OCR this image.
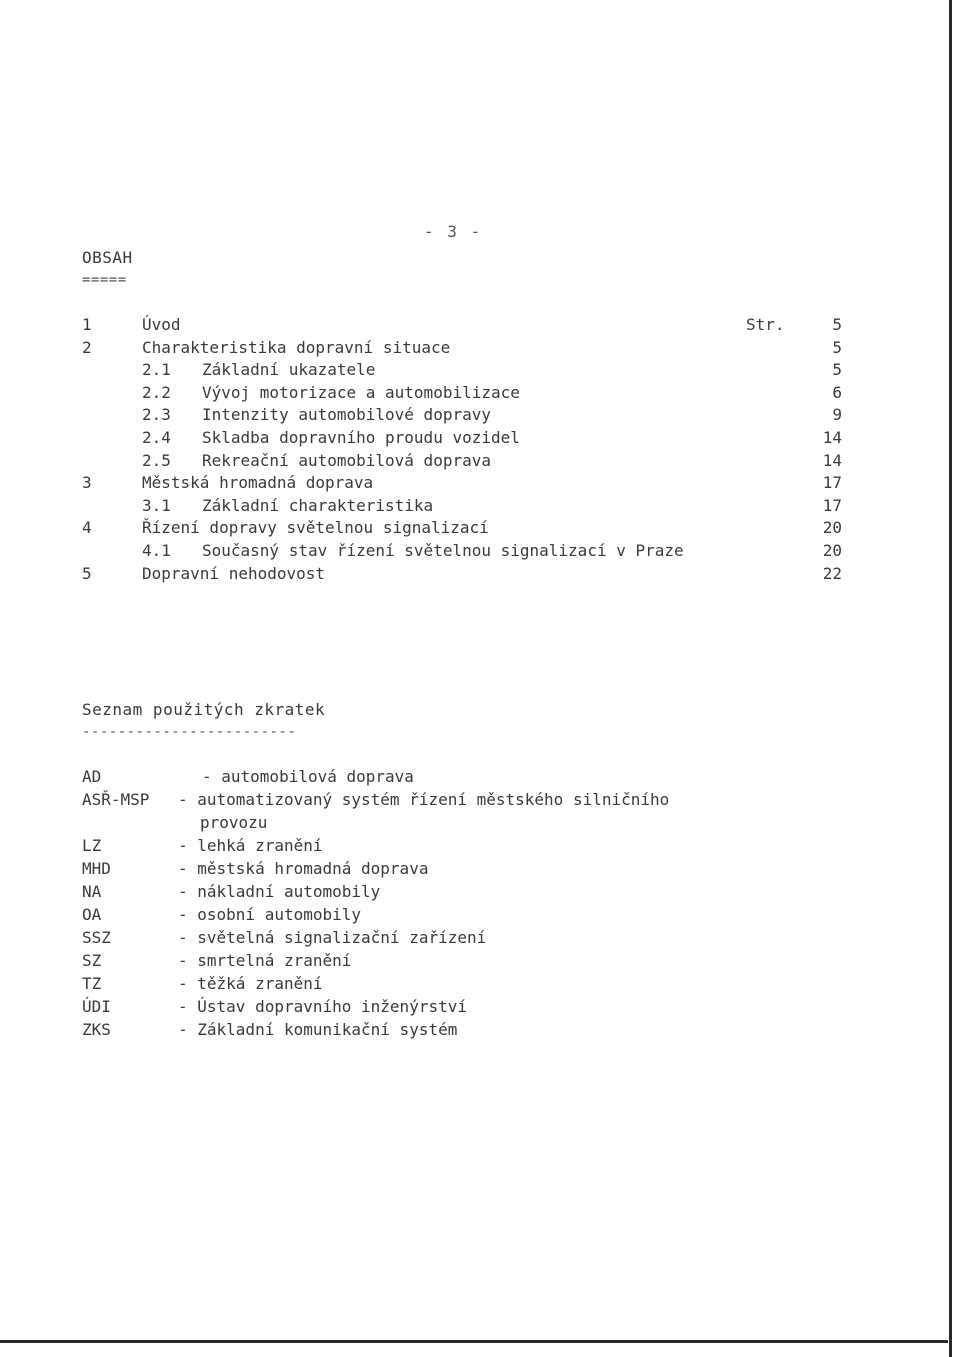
- 3 -
OBSAH
=====
1	Úvod	Str.	5
2	Charakteristika dopravní situace	5
2.1 Základní ukazatele	5
2.2 Vývoj motorizace a automobilizace	6
2.3 Intenzity automobilové dopravy	9
2.4 Skladba dopravního proudu vozidel	14
2.5 Rekreační automobilová doprava	14
3	Městská hromadná doprava	17
3.1 Základní charakteristika	17
4	Řízení dopravy světelnou signalizací	20
4.1 Současný stav řízení světelnou signalizací v Praze	20
5	Dopravní nehodovost	22
Seznam použitých zkratek
------------------------
AD	- automobilová doprava
ASŘ-MSP - automatizovaný systém řízení městského silničního
provozu
LZ	- lehká zranění
MHD	- městská hromadná doprava
NA	- nákladní automobily
OA	- osobní automobily
SSZ	- světelná signalizační zařízení
SZ	- smrtelná zranění
TZ	- těžká zranění
ÚDI	- Ústav dopravního inženýrství
ZKS	- Základní komunikační systém
